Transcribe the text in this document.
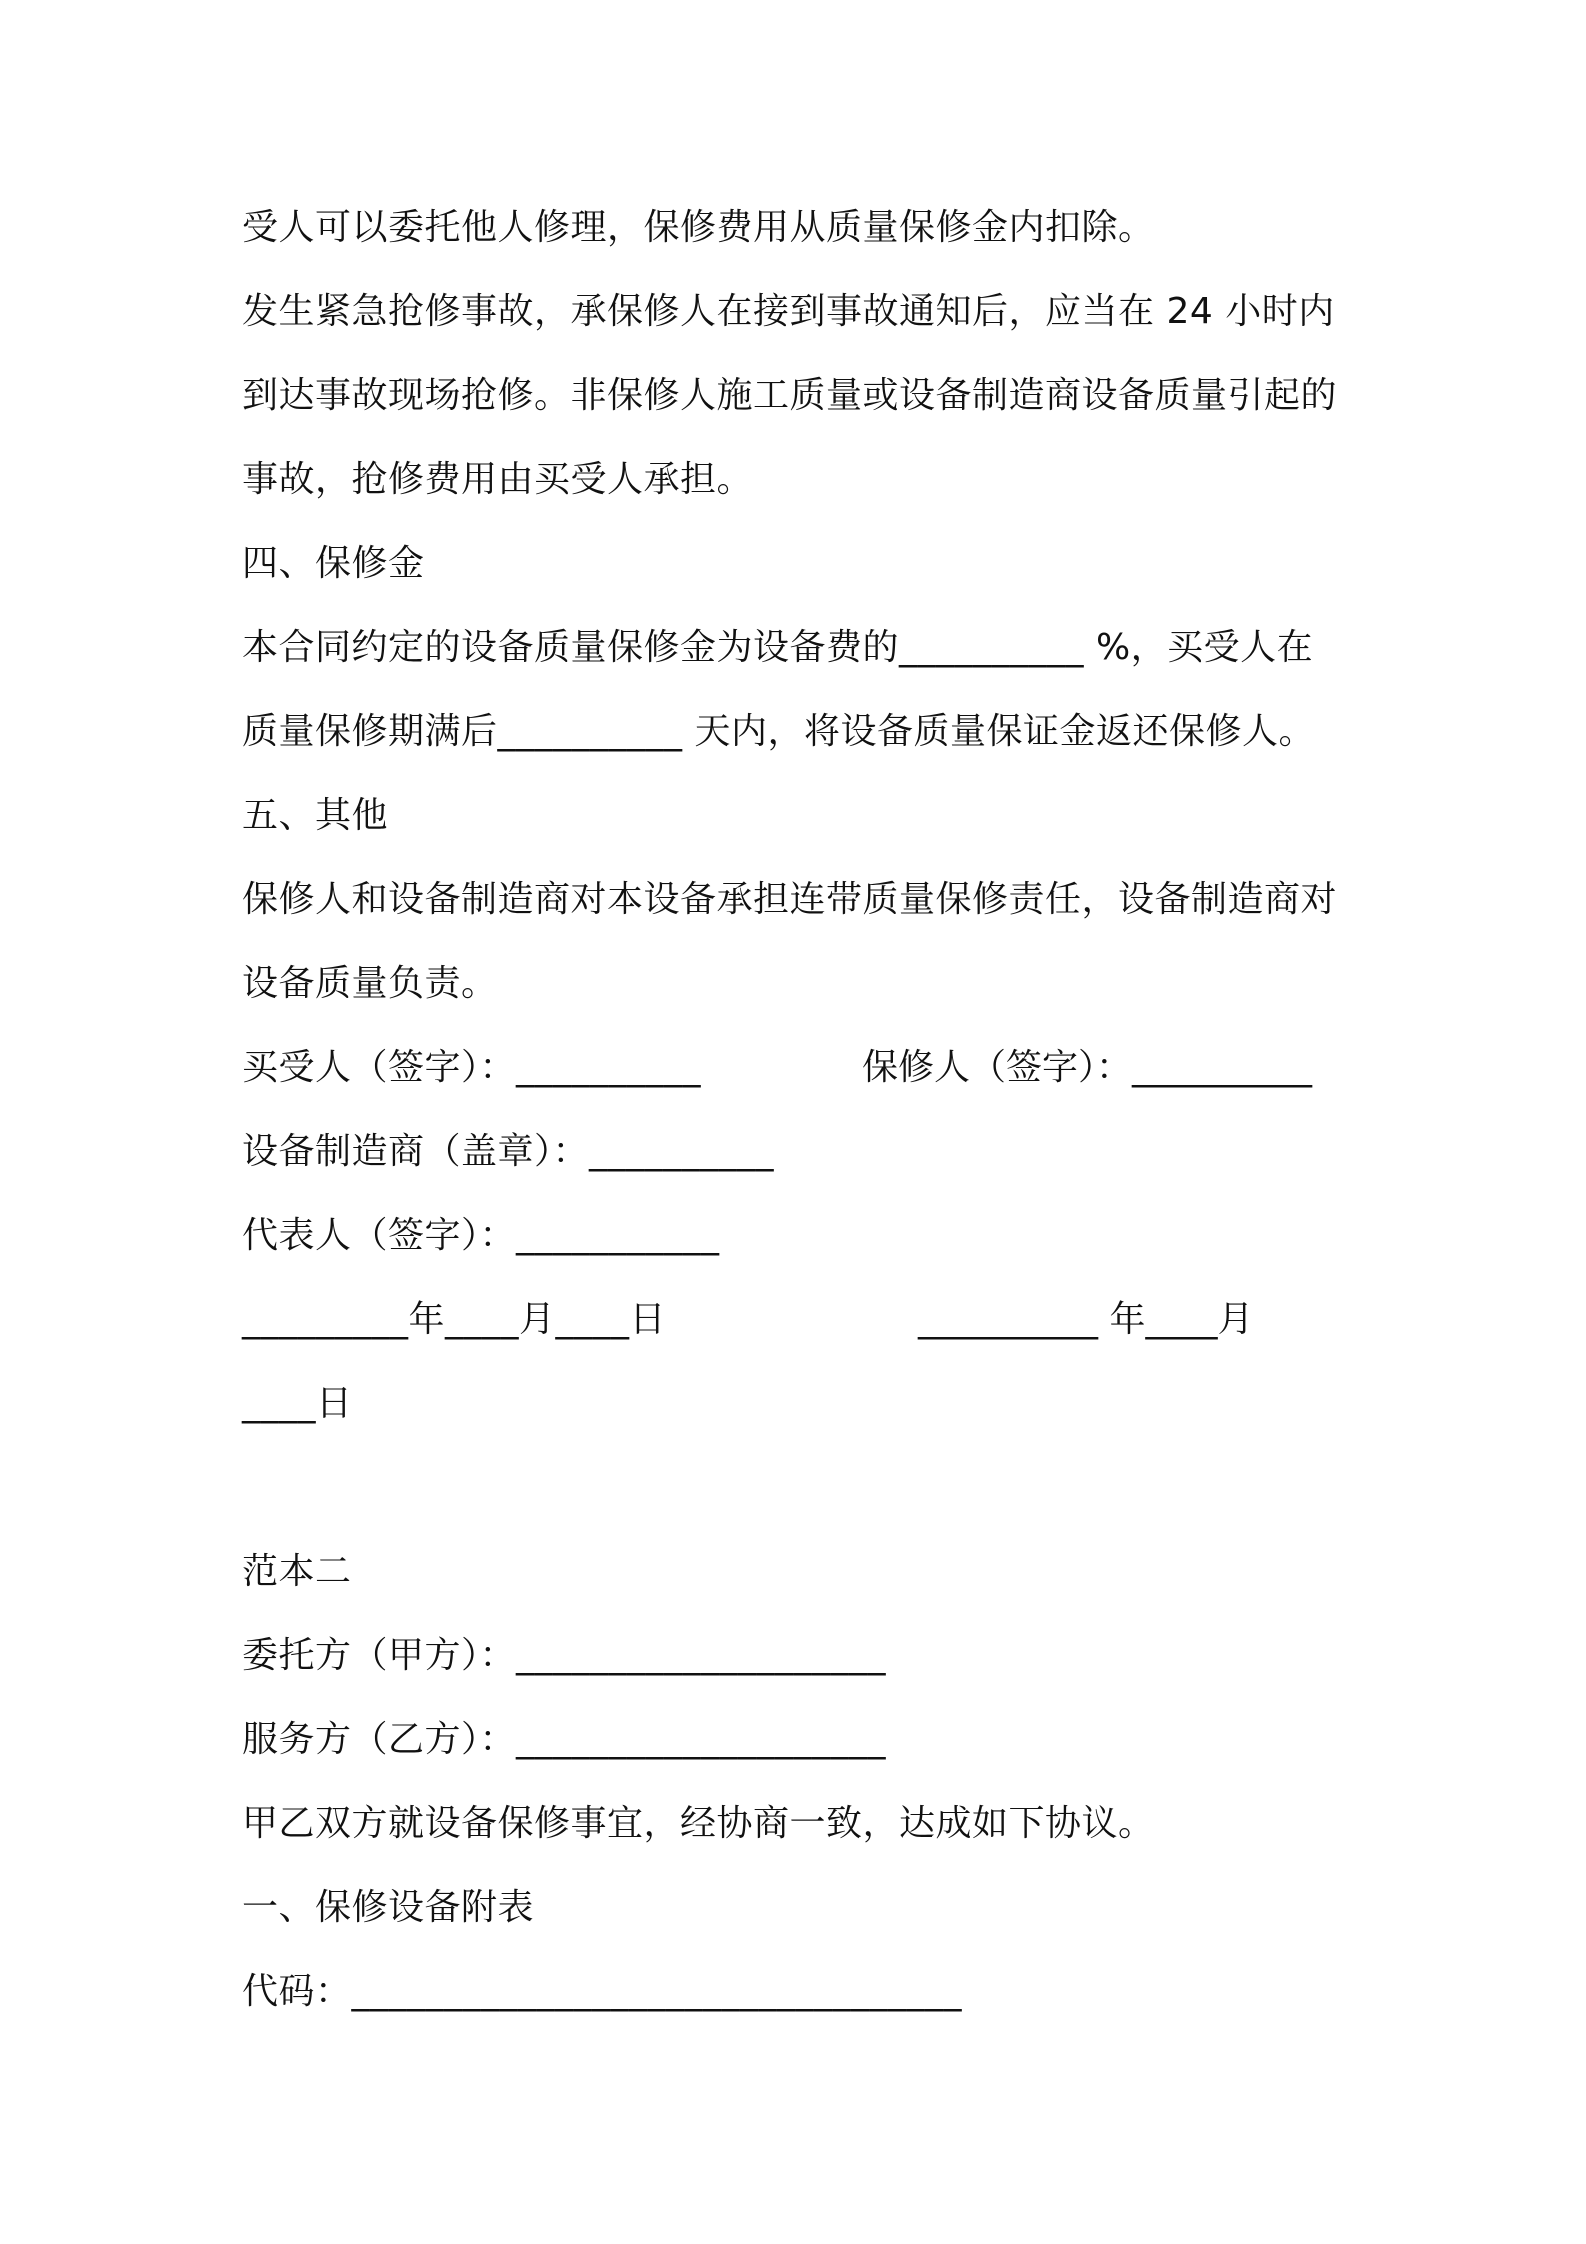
受人可以委托他人修理，保修费用从质量保修金内扣除。
发生紧急抢修事故，承保修人在接到事故通知后，应当在 24 小时内
到达事故现场抢修。非保修人施工质量或设备制造商设备质量引起的
事故，抢修费用由买受人承担。
四、保修金
本合同约定的设备质量保修金为设备费的__________ %，买受人在
质量保修期满后__________ 天内，将设备质量保证金返还保修人。
五、其他
保修人和设备制造商对本设备承担连带质量保修责任，设备制造商对
设备质量负责。
买受人（签字）：__________	保修人（签字）：__________
设备制造商（盖章）：__________
代表人（签字）：___________
_________年____月____日	__________ 年____月
____日
范本二
委托方（甲方）：____________________
服务方（乙方）：____________________
甲乙双方就设备保修事宜，经协商一致，达成如下协议。
一、保修设备附表
代码：_________________________________
